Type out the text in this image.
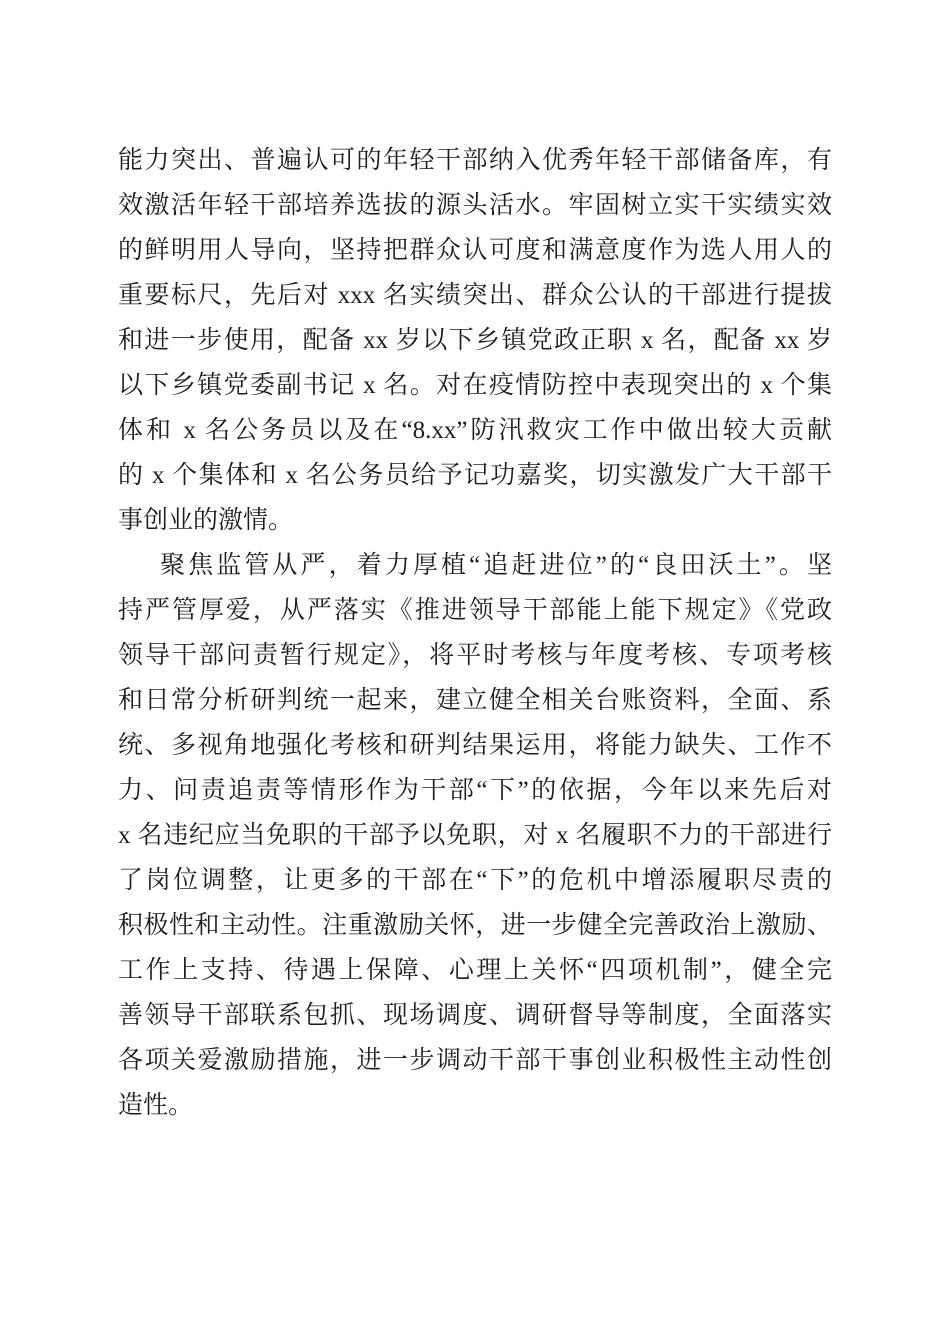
能力突出、普遍认可的年轻干部纳入优秀年轻干部储备库，有
效激活年轻干部培养选拔的源头活水。牢固树立实干实绩实效
的鲜明用人导向，坚持把群众认可度和满意度作为选人用人的
重要标尺，先后对 xxx 名实绩突出、群众公认的干部进行提拔
和进一步使用，配备 xx 岁以下乡镇党政正职 x 名，配备 xx 岁
以下乡镇党委副书记 x 名。对在疫情防控中表现突出的 x 个集
体和 x 名公务员以及在“8.xx”防汛救灾工作中做出较大贡献
的 x 个集体和 x 名公务员给予记功嘉奖，切实激发广大干部干
事创业的激情。
聚焦监管从严，着力厚植“追赶进位”的“良田沃土”。坚
持严管厚爱，从严落实《推进领导干部能上能下规定》《党政
领导干部问责暂行规定》，将平时考核与年度考核、专项考核
和日常分析研判统一起来，建立健全相关台账资料，全面、系
统、多视角地强化考核和研判结果运用，将能力缺失、工作不
力、问责追责等情形作为干部“下”的依据，今年以来先后对
x 名违纪应当免职的干部予以免职，对 x 名履职不力的干部进行
了岗位调整，让更多的干部在“下”的危机中增添履职尽责的
积极性和主动性。注重激励关怀，进一步健全完善政治上激励、
工作上支持、待遇上保障、心理上关怀“四项机制”，健全完
善领导干部联系包抓、现场调度、调研督导等制度，全面落实
各项关爱激励措施，进一步调动干部干事创业积极性主动性创
造性。
